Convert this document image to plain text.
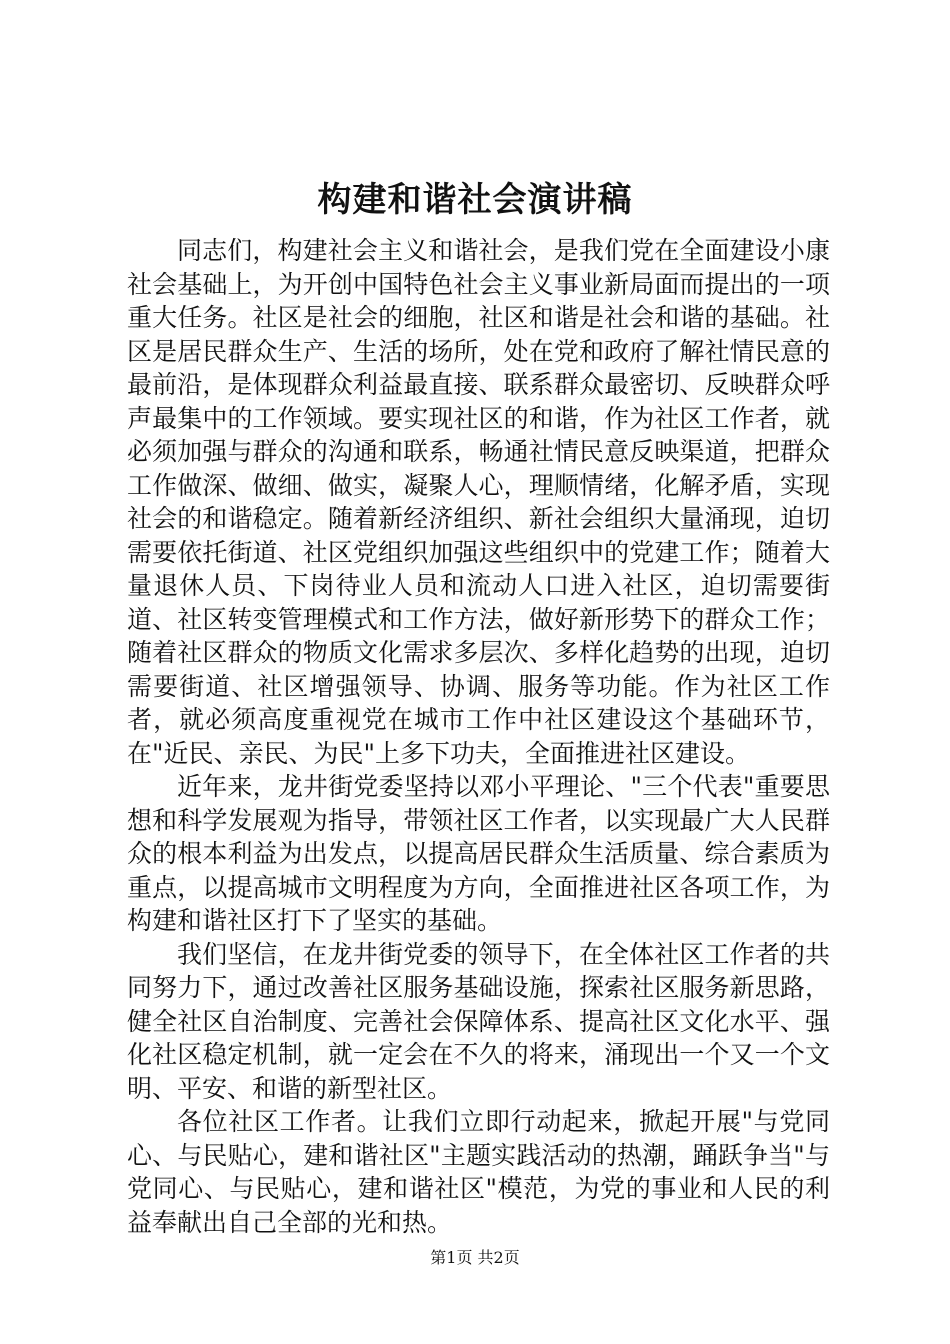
构建和谐社会演讲稿

同志们，构建社会主义和谐社会，是我们党在全面建设小康社会基础上，为开创中国特色社会主义事业新局面而提出的一项重大任务。社区是社会的细胞，社区和谐是社会和谐的基础。社区是居民群众生产、生活的场所，处在党和政府了解社情民意的最前沿，是体现群众利益最直接、联系群众最密切、反映群众呼声最集中的工作领域。要实现社区的和谐，作为社区工作者，就必须加强与群众的沟通和联系，畅通社情民意反映渠道，把群众工作做深、做细、做实，凝聚人心，理顺情绪，化解矛盾，实现社会的和谐稳定。随着新经济组织、新社会组织大量涌现，迫切需要依托街道、社区党组织加强这些组织中的党建工作；随着大量退休人员、下岗待业人员和流动人口进入社区，迫切需要街道、社区转变管理模式和工作方法，做好新形势下的群众工作；随着社区群众的物质文化需求多层次、多样化趋势的出现，迫切需要街道、社区增强领导、协调、服务等功能。作为社区工作者，就必须高度重视党在城市工作中社区建设这个基础环节，在"近民、亲民、为民"上多下功夫，全面推进社区建设。

近年来，龙井街党委坚持以邓小平理论、"三个代表"重要思想和科学发展观为指导，带领社区工作者，以实现最广大人民群众的根本利益为出发点，以提高居民群众生活质量、综合素质为重点，以提高城市文明程度为方向，全面推进社区各项工作，为构建和谐社区打下了坚实的基础。

我们坚信，在龙井街党委的领导下，在全体社区工作者的共同努力下，通过改善社区服务基础设施，探索社区服务新思路，健全社区自治制度、完善社会保障体系、提高社区文化水平、强化社区稳定机制，就一定会在不久的将来，涌现出一个又一个文明、平安、和谐的新型社区。

各位社区工作者。让我们立即行动起来，掀起开展"与党同心、与民贴心，建和谐社区"主题实践活动的热潮，踊跃争当"与党同心、与民贴心，建和谐社区"模范，为党的事业和人民的利益奉献出自己全部的光和热。

第1页 共2页
